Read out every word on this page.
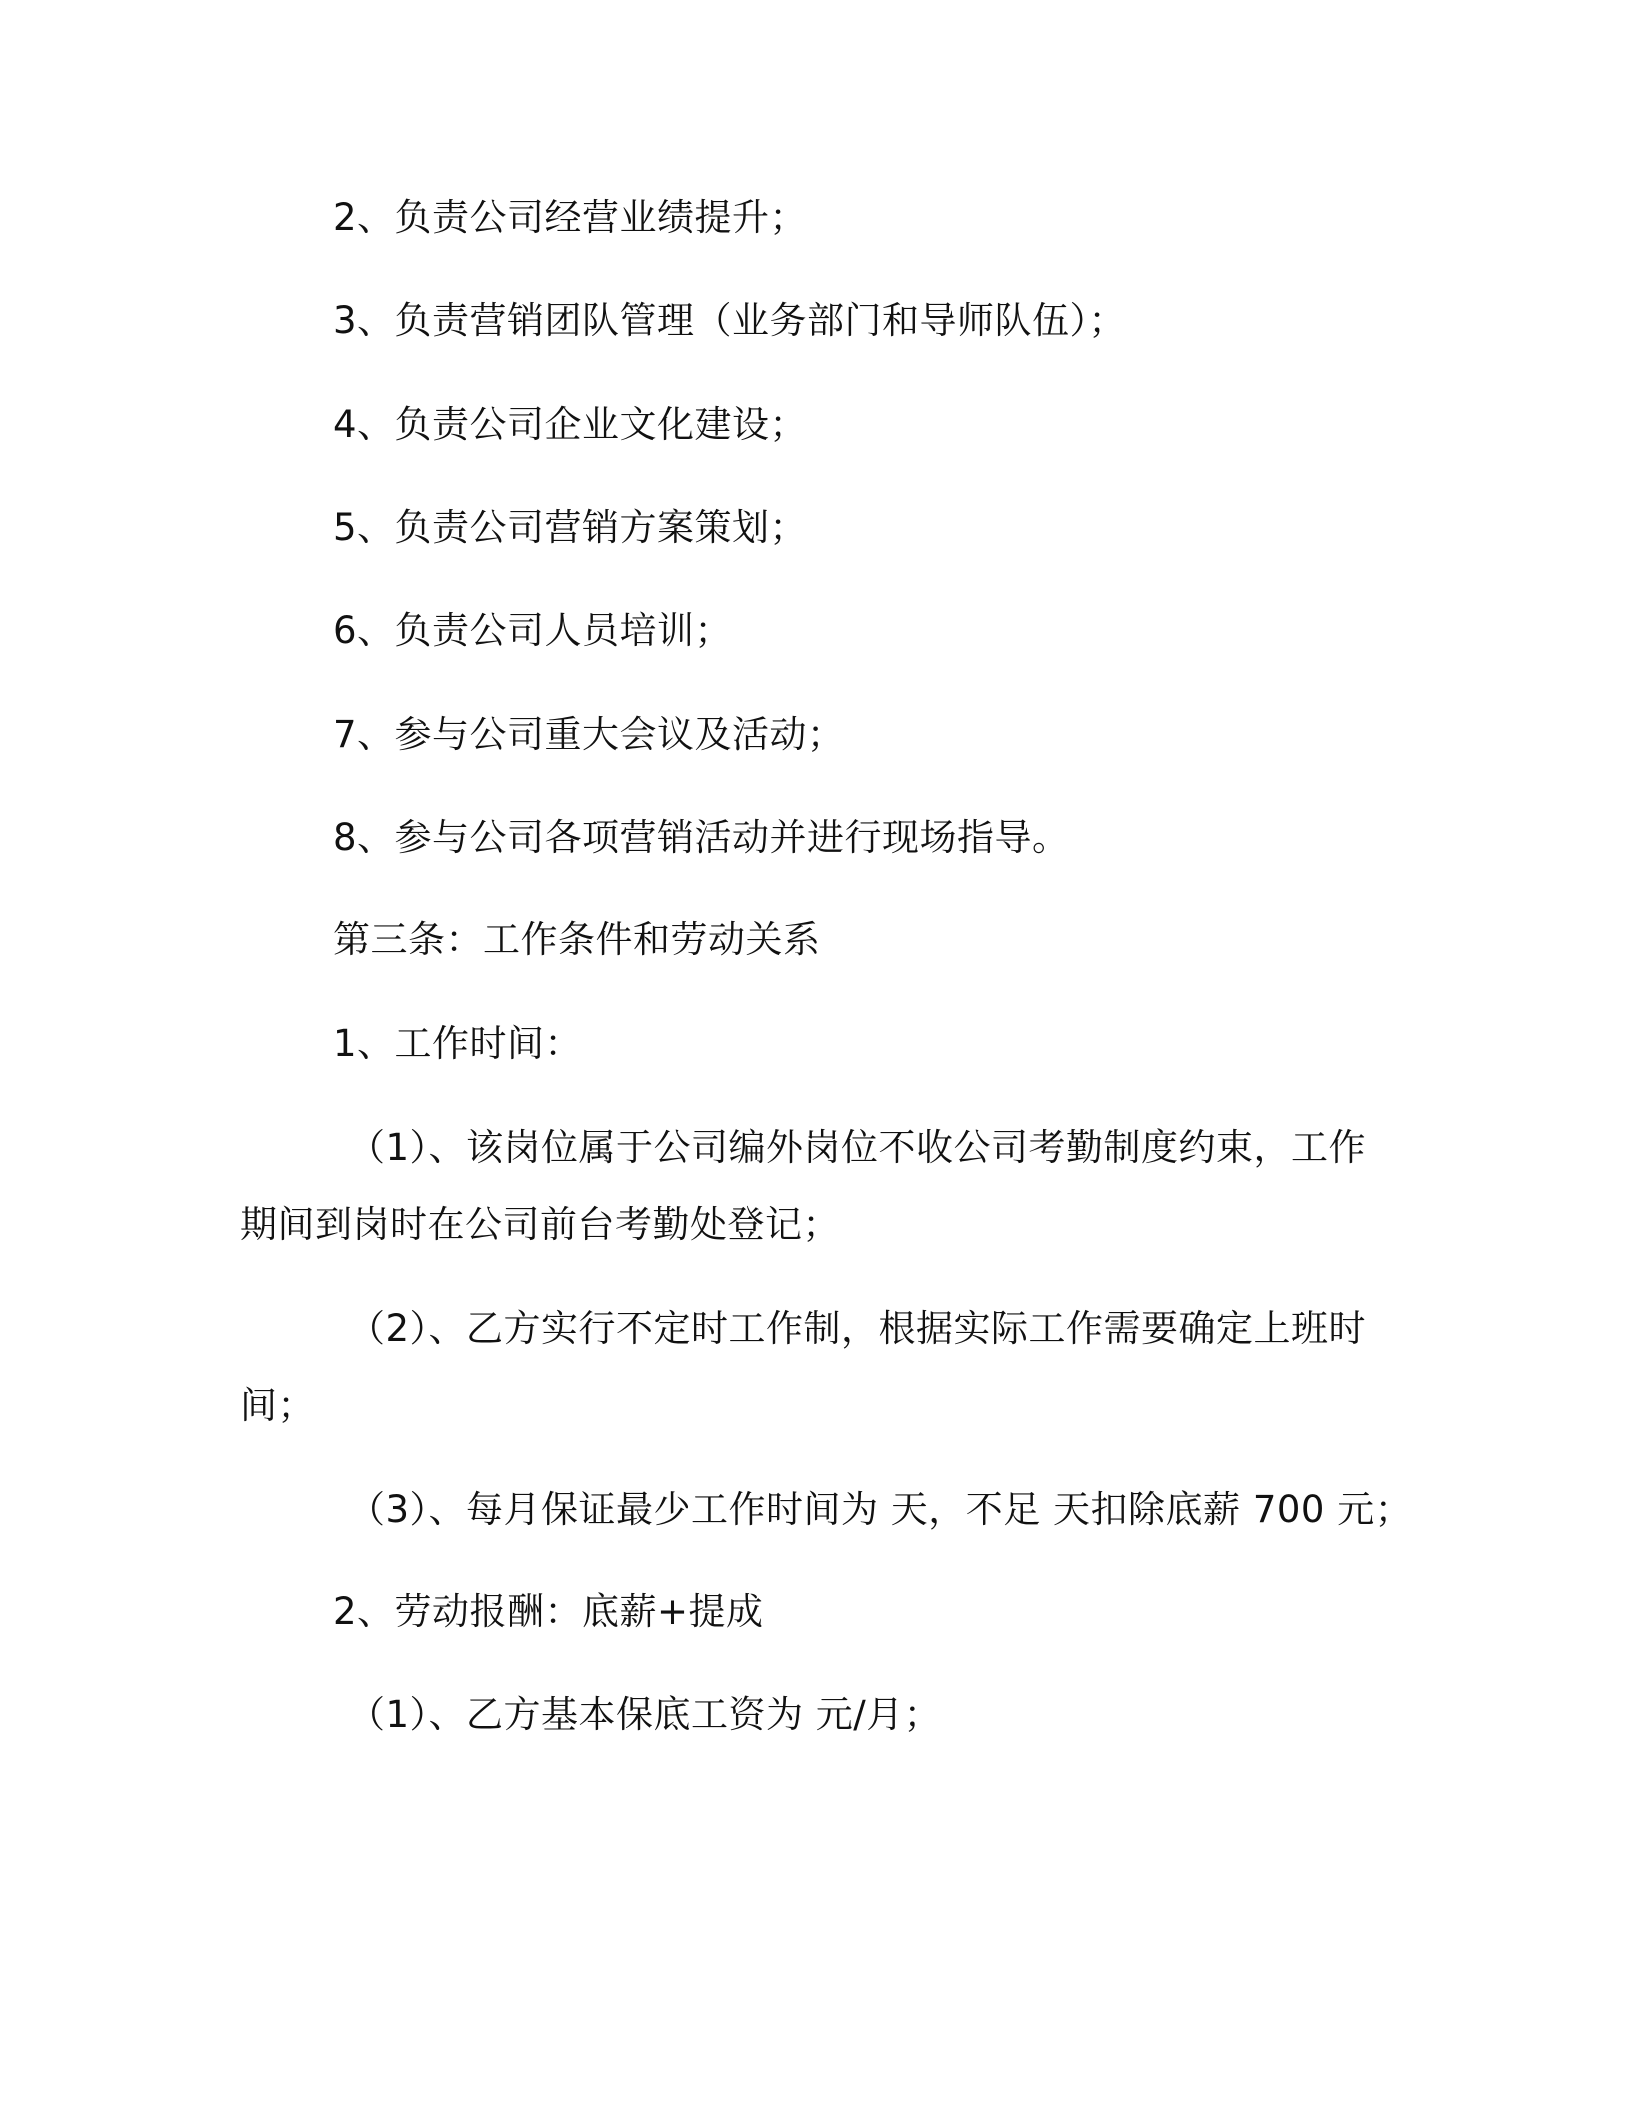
2、负责公司经营业绩提升；
3、负责营销团队管理（业务部门和导师队伍）；
4、负责公司企业文化建设；
5、负责公司营销方案策划；
6、负责公司人员培训；
7、参与公司重大会议及活动；
8、参与公司各项营销活动并进行现场指导。
第三条：工作条件和劳动关系
1、工作时间：
（1）、该岗位属于公司编外岗位不收公司考勤制度约束，工作
期间到岗时在公司前台考勤处登记；
（2）、乙方实行不定时工作制，根据实际工作需要确定上班时
间；
（3）、每月保证最少工作时间为 天，不足 天扣除底薪 700 元；
2、劳动报酬：底薪+提成
（1）、乙方基本保底工资为 元/月；
